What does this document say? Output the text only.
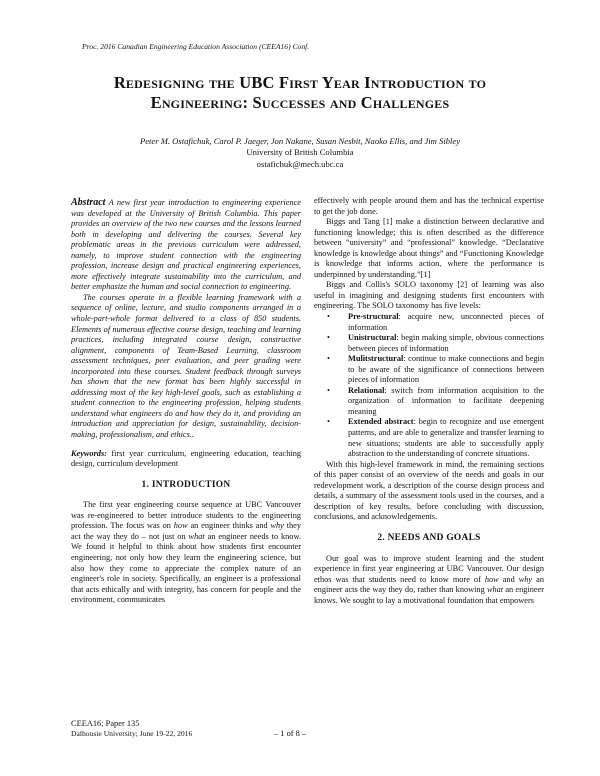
Proc. 2016 Canadian Engineering Education Association (CEEA16) Conf.
Redesigning the UBC First Year Introduction to
Engineering: Successes and Challenges
Peter M. Ostafichuk, Carol P. Jaeger, Jon Nakane, Susan Nesbit, Naoko Ellis, and Jim Sibley
University of British Columbia
ostafichuk@mech.ubc.ca

Abstract A new first year introduction to engineering experience was developed at the University of British Columbia. This paper provides an overview of the two new courses and the lessons learned both in developing and delivering the courses. Several key problematic areas in the previous curriculum were addressed, namely, to improve student connection with the engineering profession, increase design and practical engineering experiences, more effectively integrate sustainability into the curriculum, and better emphasize the human and social connection to engineering.

The courses operate in a flexible learning framework with a sequence of online, lecture, and studio components arranged in a whole-part-whole format delivered to a class of 850 students. Elements of numerous effective course design, teaching and learning practices, including integrated course design, constructive alignment, components of Team-Based Learning, classroom assessment techniques, peer evaluation, and peer grading were incorporated into these courses. Student feedback through surveys has shown that the new format has been highly successful in addressing most of the key high-level goals, such as establishing a student connection to the engineering profession, helping students understand what engineers do and how they do it, and providing an introduction and appreciation for design, sustainability, decision-making, professionalism, and ethics..

Keywords: first year curriculum, engineering education, teaching design, curriculum development

1. INTRODUCTION

The first year engineering course sequence at UBC Vancouver was re-engineered to better introduce students to the engineering profession. The focus was on how an engineer thinks and why they act the way they do – not just on what an engineer needs to know. We found it helpful to think about how students first encounter engineering, not only how they learn the engineering science, but also how they come to appreciate the complex nature of an engineer's role in society. Specifically, an engineer is a professional that acts ethically and with integrity, has concern for people and the environment, communicates

effectively with people around them and has the technical expertise to get the job done.

Biggs and Tang [1] make a distinction between declarative and functioning knowledge; this is often described as the difference between “university” and “professional” knowledge. “Declarative knowledge is knowledge about things” and “Functioning Knowledge is knowledge that informs action, where the performance is underpinned by understanding.”[1]

Biggs and Collis's SOLO taxonomy [2] of learning was also useful in imagining and designing students first encounters with engineering. The SOLO taxonomy has five levels:

• Pre-structural: acquire new, unconnected pieces of information
• Unistructural: begin making simple, obvious connections between pieces of information
• Mulitstructural: continue to make connections and begin to be aware of the significance of connections between pieces of information
• Relational: switch from information acquisition to the organization of information to facilitate deepening meaning
• Extended abstract: begin to recognize and use emergent patterns, and are able to generalize and transfer learning to new situations; students are able to successfully apply abstraction to the understanding of concrete situations.

With this high-level framework in mind, the remaining sections of this paper consist of an overview of the needs and goals in our redevelopment work, a description of the course design process and details, a summary of the assessment tools used in the courses, and a description of key results, before concluding with discussion, conclusions, and acknowledgements.

2. NEEDS AND GOALS

Our goal was to improve student learning and the student experience in first year engineering at UBC Vancouver. Our design ethos was that students need to know more of how and why an engineer acts the way they do, rather than knowing what an engineer knows. We sought to lay a motivational foundation that empowers

CEEA16; Paper 135
Dalhousie University; June 19-22, 2016	– 1 of 8 –
